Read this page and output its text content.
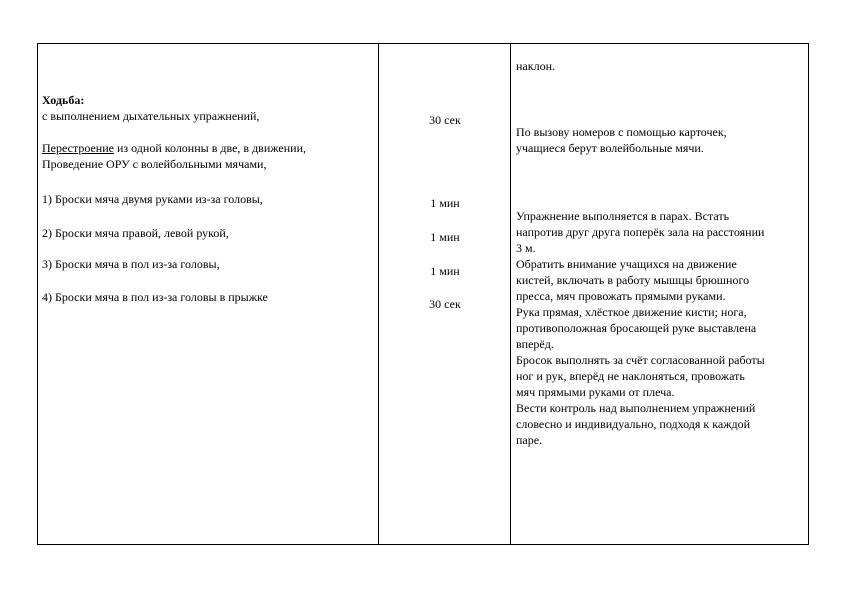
Ходьба:
с выполнением дыхательных упражнений,
Перестроение из одной колонны в две, в движении,
Проведение ОРУ с волейбольными мячами,
1) Броски мяча двумя руками из-за головы,
2) Броски мяча правой, левой рукой,
3) Броски мяча в пол из-за головы,
4) Броски мяча в пол из-за головы в прыжке
30 сек
1 мин
1 мин
1 мин
30 сек
наклон.
По вызову номеров с помощью карточек,
учащиеся берут волейбольные мячи.
Упражнение выполняется в парах. Встать
напротив друг друга поперёк зала на расстоянии
3 м.
Обратить внимание учащихся на движение
кистей, включать в работу мышцы брюшного
пресса, мяч провожать прямыми руками.
Рука прямая, хлёсткое движение кисти; нога,
противоположная бросающей руке выставлена
вперёд.
Бросок выполнять за счёт согласованной работы
ног и рук, вперёд не наклоняться, провожать
мяч прямыми руками от плеча.
Вести контроль над выполнением упражнений
словесно и индивидуально, подходя к каждой
паре.
